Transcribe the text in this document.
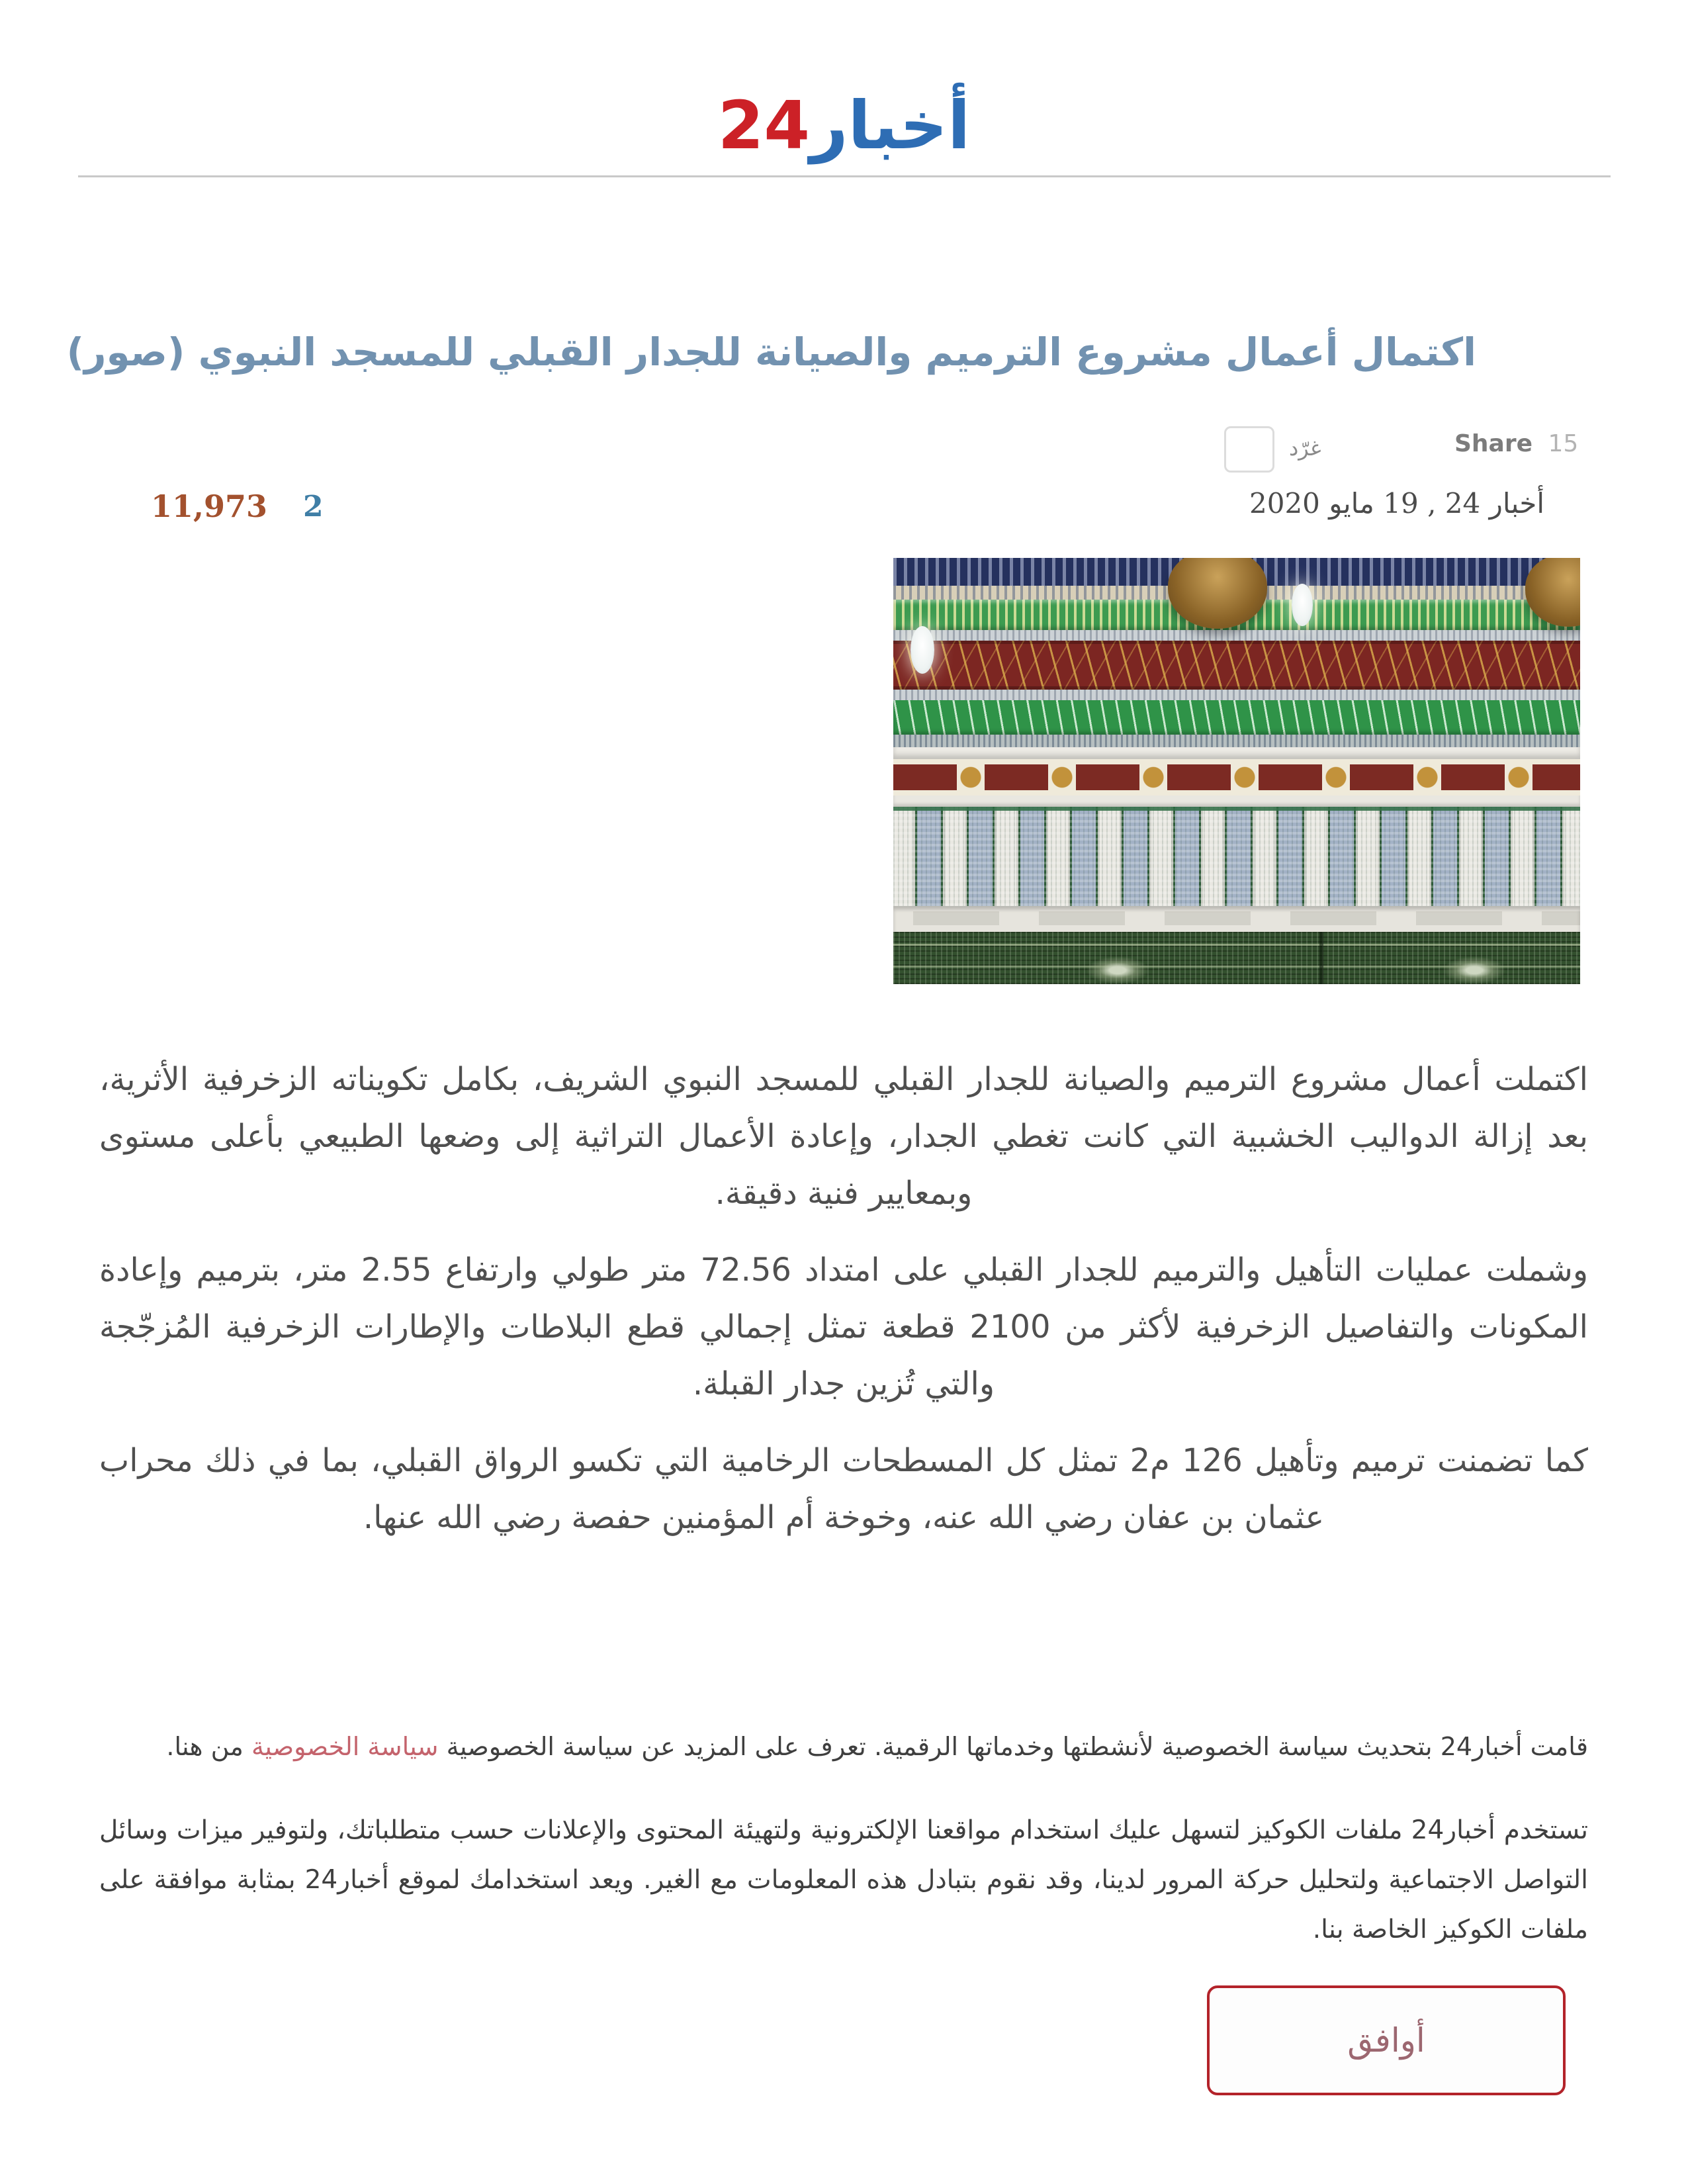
أخبار24
اكتمال أعمال مشروع الترميم والصيانة للجدار القبلي للمسجد النبوي (صور)
غرّد	Share 15
أخبار 24 , 19 مايو 2020
11,973 2

اكتملت أعمال مشروع الترميم والصيانة للجدار القبلي للمسجد النبوي الشريف، بكامل تكويناته الزخرفية الأثرية، بعد إزالة الدواليب الخشبية التي كانت تغطي الجدار، وإعادة الأعمال التراثية إلى وضعها الطبيعي بأعلى مستوى وبمعايير فنية دقيقة.

وشملت عمليات التأهيل والترميم للجدار القبلي على امتداد 72.56 متر طولي وارتفاع 2.55 متر، بترميم وإعادة المكونات والتفاصيل الزخرفية لأكثر من 2100 قطعة تمثل إجمالي قطع البلاطات والإطارات الزخرفية المُزجّجة والتي تُزين جدار القبلة.

كما تضمنت ترميم وتأهيل 126 م2 تمثل كل المسطحات الرخامية التي تكسو الرواق القبلي، بما في ذلك محراب عثمان بن عفان رضي الله عنه، وخوخة أم المؤمنين حفصة رضي الله عنها.

قامت أخبار24 بتحديث سياسة الخصوصية لأنشطتها وخدماتها الرقمية. تعرف على المزيد عن سياسة الخصوصية سياسة الخصوصية من هنا.
تستخدم أخبار24 ملفات الكوكيز لتسهل عليك استخدام مواقعنا الإلكترونية ولتهيئة المحتوى والإعلانات حسب متطلباتك، ولتوفير ميزات وسائل التواصل الاجتماعية ولتحليل حركة المرور لدينا، وقد نقوم بتبادل هذه المعلومات مع الغير. ويعد استخدامك لموقع أخبار24 بمثابة موافقة على ملفات الكوكيز الخاصة بنا.
أوافق
